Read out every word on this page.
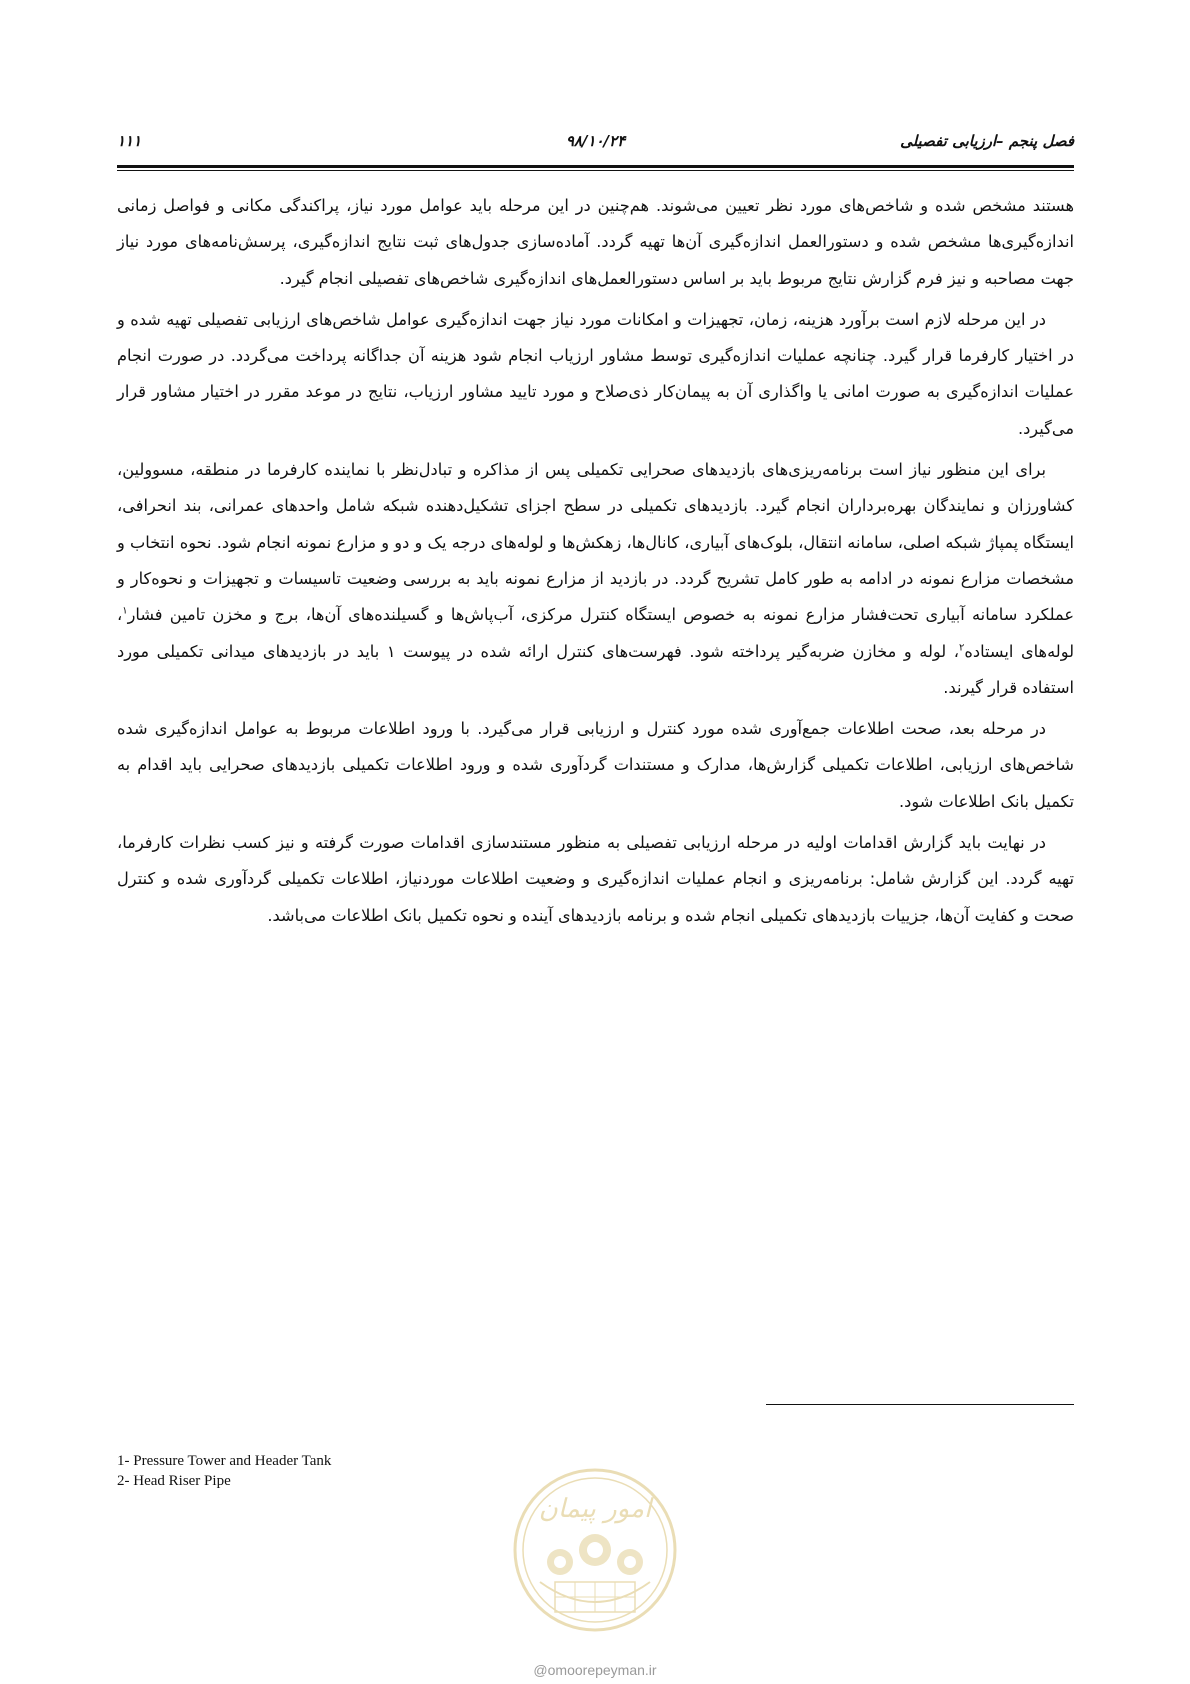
فصل پنجم –ارزیابی تفصیلی
۹۸/۱۰/۲۴
۱۱۱

هستند مشخص شده و شاخص‌های مورد نظر تعیین می‌شوند. هم‌چنین در این مرحله باید عوامل مورد نیاز، پراکندگی مکانی و فواصل زمانی اندازه‌گیری‌ها مشخص شده و دستورالعمل اندازه‌گیری آن‌ها تهیه گردد. آماده‌سازی جدول‌های ثبت نتایج اندازه‌گیری، پرسش‌نامه‌های مورد نیاز جهت مصاحبه و نیز فرم گزارش نتایج مربوط باید بر اساس دستورالعمل‌های اندازه‌گیری شاخص‌های تفصیلی انجام گیرد.

در این مرحله لازم است برآورد هزینه، زمان، تجهیزات و امکانات مورد نیاز جهت اندازه‌گیری عوامل شاخص‌های ارزیابی تفصیلی تهیه شده و در اختیار کارفرما قرار گیرد. چنانچه عملیات اندازه‌گیری توسط مشاور ارزیاب انجام شود هزینه آن جداگانه پرداخت می‌گردد. در صورت انجام عملیات اندازه‌گیری به صورت امانی یا واگذاری آن به پیمان‌کار ذی‌صلاح و مورد تایید مشاور ارزیاب، نتایج در موعد مقرر در اختیار مشاور قرار می‌گیرد.

برای این منظور نیاز است برنامه‌ریزی‌های بازدیدهای صحرایی تکمیلی پس از مذاکره و تبادل‌نظر با نماینده کارفرما در منطقه، مسوولین، کشاورزان و نمایندگان بهره‌برداران انجام گیرد. بازدیدهای تکمیلی در سطح اجزای تشکیل‌دهنده شبکه شامل واحدهای عمرانی، بند انحرافی، ایستگاه پمپاژ شبکه اصلی، سامانه انتقال، بلوک‌های آبیاری، کانال‌ها، زهکش‌ها و لوله‌های درجه یک و دو و مزارع نمونه انجام شود. نحوه انتخاب و مشخصات مزارع نمونه در ادامه به طور کامل تشریح گردد. در بازدید از مزارع نمونه باید به بررسی وضعیت تاسیسات و تجهیزات و نحوه‌کار و عملکرد سامانه آبیاری تحت‌فشار مزارع نمونه به خصوص ایستگاه کنترل مرکزی، آب‌پاش‌ها و گسیلنده‌های آن‌ها، برج و مخزن تامین فشار$^۱$، لوله‌های ایستاده$^۲$، لوله و مخازن ضربه‌گیر پرداخته شود. فهرست‌های کنترل ارائه شده در پیوست ۱ باید در بازدیدهای میدانی تکمیلی مورد استفاده قرار گیرند.

در مرحله بعد، صحت اطلاعات جمع‌آوری شده مورد کنترل و ارزیابی قرار می‌گیرد. با ورود اطلاعات مربوط به عوامل اندازه‌گیری شده شاخص‌های ارزیابی، اطلاعات تکمیلی گزارش‌ها، مدارک و مستندات گردآوری شده و ورود اطلاعات تکمیلی بازدیدهای صحرایی باید اقدام به تکمیل بانک اطلاعات شود.

در نهایت باید گزارش اقدامات اولیه در مرحله ارزیابی تفصیلی به منظور مستندسازی اقدامات صورت گرفته و نیز کسب نظرات کارفرما، تهیه گردد. این گزارش شامل: برنامه‌ریزی و انجام عملیات اندازه‌گیری و وضعیت اطلاعات موردنیاز، اطلاعات تکمیلی گردآوری شده و کنترل صحت و کفایت آن‌ها، جزییات بازدیدهای تکمیلی انجام شده و برنامه بازدیدهای آینده و نحوه تکمیل بانک اطلاعات می‌باشد.

1- Pressure Tower and Header Tank
2- Head Riser Pipe
امور پیمان
@omoorepeyman.ir
